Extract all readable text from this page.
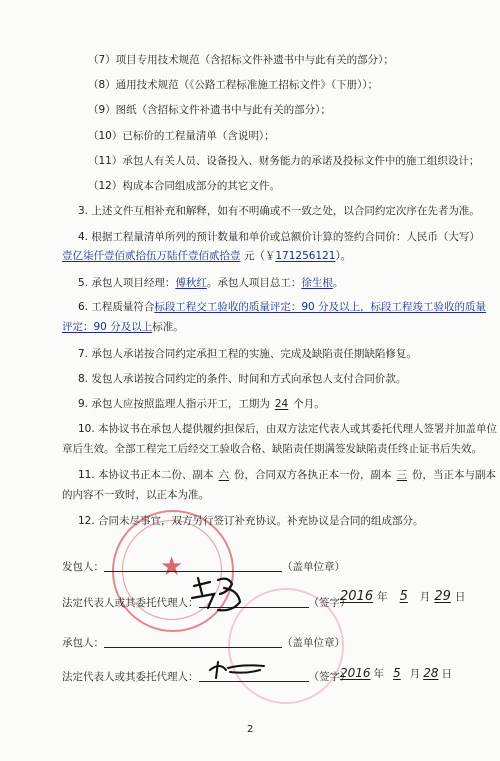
（7）项目专用技术规范（含招标文件补遗书中与此有关的部分）；
（8）通用技术规范（《公路工程标准施工招标文件》（下册））；
（9）图纸（含招标文件补遗书中与此有关的部分）；
（10）已标价的工程量清单（含说明）；
（11）承包人有关人员、设备投入、财务能力的承诺及投标文件中的施工组织设计；
（12）构成本合同组成部分的其它文件。
3. 上述文件互相补充和解释，如有不明确或不一致之处，以合同约定次序在先者为准。
4. 根据工程量清单所列的预计数量和单价或总额价计算的签约合同价：人民币（大写）
壹亿柒仟壹佰贰拾伍万陆仟壹佰贰拾壹 元（￥171256121）。
5. 承包人项目经理：傅秋红。承包人项目总工：徐生根。
6. 工程质量符合标段工程交工验收的质量评定：90 分及以上，标段工程竣工验收的质量
评定：90 分及以上标准。
7. 承包人承诺按合同约定承担工程的实施、完成及缺陷责任期缺陷修复。
8. 发包人承诺按合同约定的条件、时间和方式向承包人支付合同价款。
9. 承包人应按照监理人指示开工，工期为 24 个月。
10. 本协议书在承包人提供履约担保后，由双方法定代表人或其委托代理人签署并加盖单位
章后生效。全部工程完工后经交工验收合格、缺陷责任期满签发缺陷责任终止证书后失效。
11. 本协议书正本二份、副本 六 份，合同双方各执正本一份，副本 三 份，当正本与副本
的内容不一致时，以正本为准。
12. 合同未尽事宜，双方另行签订补充协议。补充协议是合同的组成部分。
★
发包人：	（盖单位章）
法定代表人或其委托代理人：	（签字）
2016 年 5 月 29 日
承包人：	（盖单位章）
法定代表人或其委托代理人：	（签字）
2016 年 5 月 28 日
2
